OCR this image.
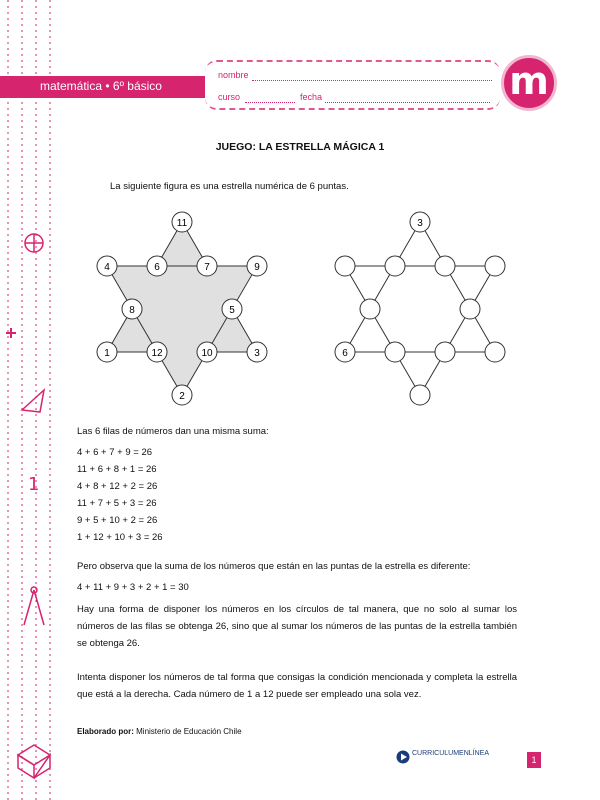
1
matemática • 6º básico
nombre
curso	fecha	m
JUEGO: LA ESTRELLA MÁGICA 1
La siguiente figura es una estrella numérica de 6 puntas.
11
4	6	7	9
8	5
1	12	10	3
2
3
6
Las 6 filas de números dan una misma suma:
4 + 6 + 7 + 9 = 26
11 + 6 + 8 + 1 = 26
4 + 8 + 12 + 2 = 26
11 + 7 + 5 + 3 = 26
9 + 5 + 10 + 2 = 26
1 + 12 + 10 + 3 = 26
Pero observa que la suma de los números que están en las puntas de la estrella es diferente:
4 + 11 + 9 + 3 + 2 + 1 = 30
Hay una forma de disponer los números en los círculos de tal manera, que no solo al sumar los números de las filas se obtenga 26, sino que al sumar los números de las puntas de la estrella también se obtenga 26.
Intenta disponer los números de tal forma que consigas la condición mencionada y completa la estrella que está a la derecha. Cada número de 1 a 12 puede ser empleado una sola vez.
Elaborado por: Ministerio de Educación Chile
CURRICULUMENLÍNEA
1
